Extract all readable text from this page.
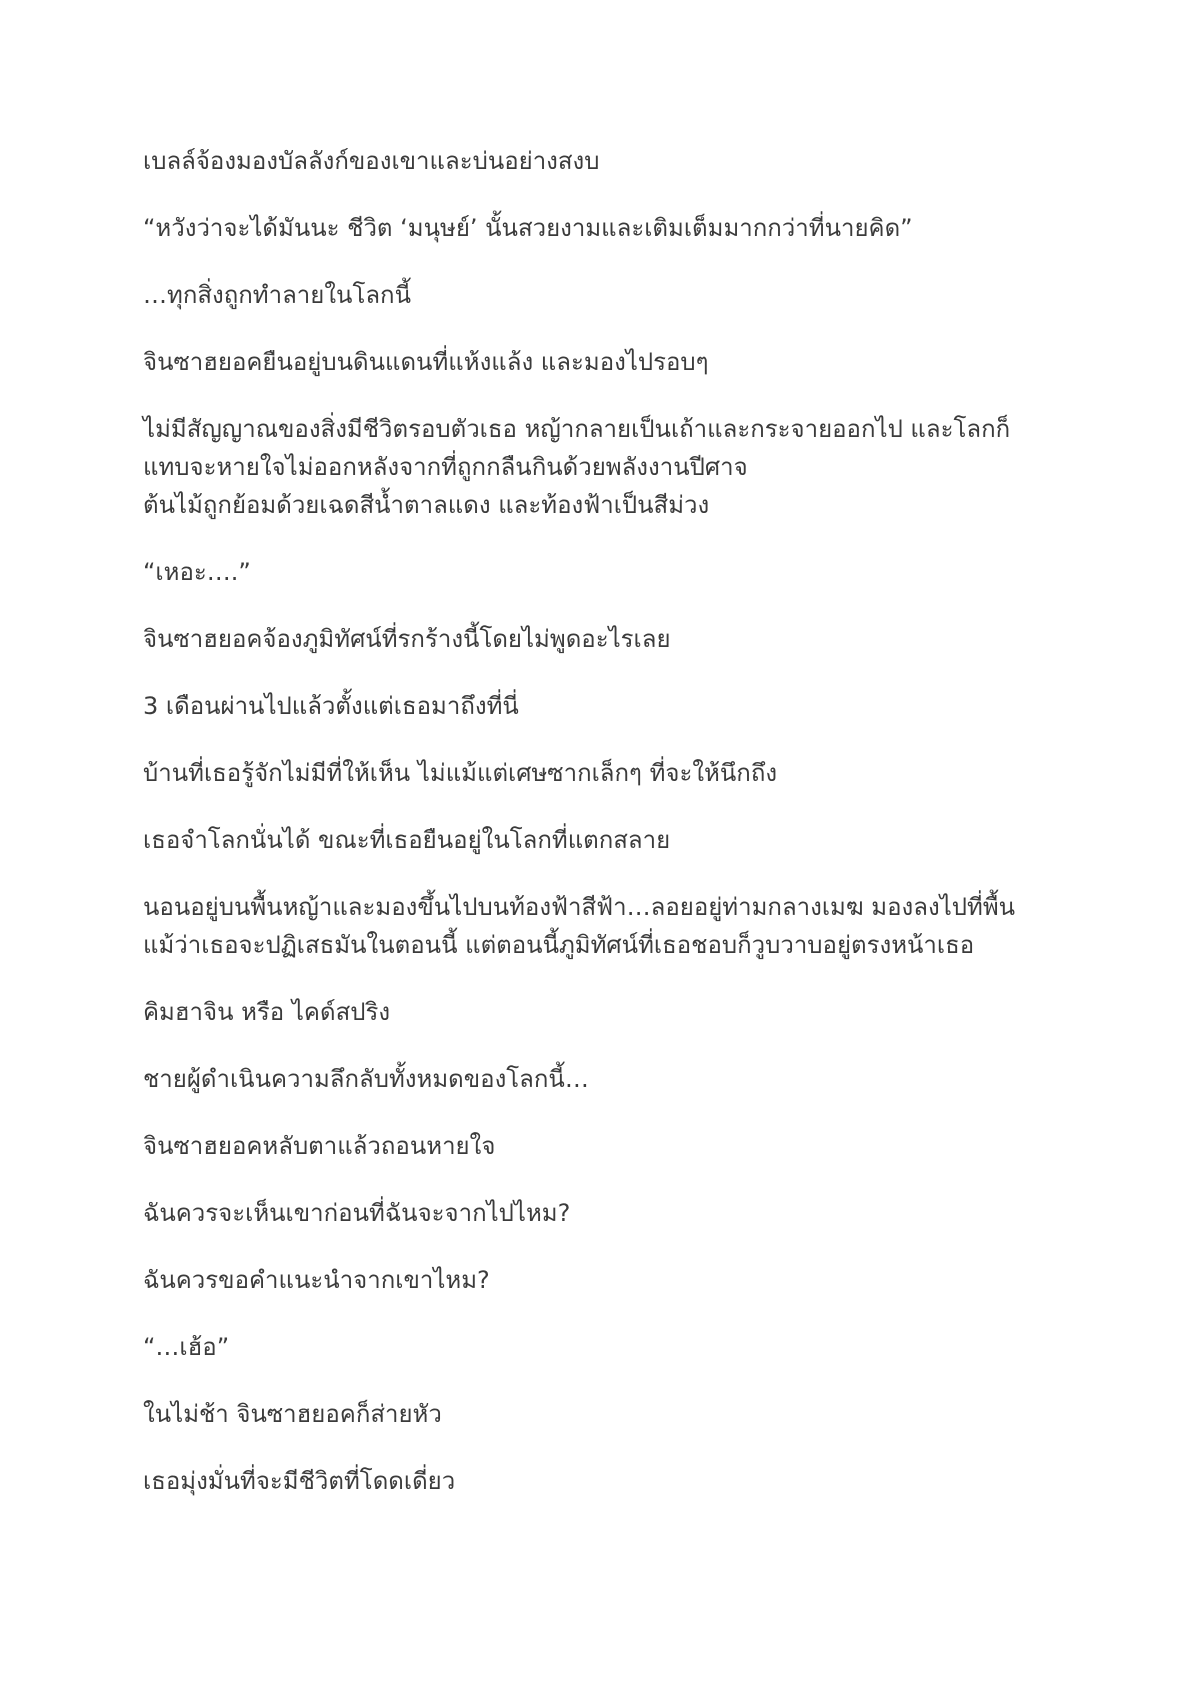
เบลล์จ้องมองบัลลังก์ของเขาและบ่นอย่างสงบ

“หวังว่าจะได้มันนะ ชีวิต ‘มนุษย์’ นั้นสวยงามและเติมเต็มมากกว่าที่นายคิด”

…ทุกสิ่งถูกทำลายในโลกนี้

จินซาฮยอคยืนอยู่บนดินแดนที่แห้งแล้ง และมองไปรอบๆ

ไม่มีสัญญาณของสิ่งมีชีวิตรอบตัวเธอ หญ้ากลายเป็นเถ้าและกระจายออกไป และโลกก็
แทบจะหายใจไม่ออกหลังจากที่ถูกกลืนกินด้วยพลังงานปีศาจ
ต้นไม้ถูกย้อมด้วยเฉดสีน้ำตาลแดง และท้องฟ้าเป็นสีม่วง

“เหอะ….”

จินซาฮยอคจ้องภูมิทัศน์ที่รกร้างนี้โดยไม่พูดอะไรเลย

3 เดือนผ่านไปแล้วตั้งแต่เธอมาถึงที่นี่

บ้านที่เธอรู้จักไม่มีที่ให้เห็น ไม่แม้แต่เศษซากเล็กๆ ที่จะให้นึกถึง

เธอจำโลกนั่นได้ ขณะที่เธอยืนอยู่ในโลกที่แตกสลาย

นอนอยู่บนพื้นหญ้าและมองขึ้นไปบนท้องฟ้าสีฟ้า…ลอยอยู่ท่ามกลางเมฆ มองลงไปที่พื้น
แม้ว่าเธอจะปฏิเสธมันในตอนนี้ แต่ตอนนี้ภูมิทัศน์ที่เธอชอบก็วูบวาบอยู่ตรงหน้าเธอ

คิมฮาจิน หรือ ไคด์สปริง

ชายผู้ดำเนินความลึกลับทั้งหมดของโลกนี้…

จินซาฮยอคหลับตาแล้วถอนหายใจ

ฉันควรจะเห็นเขาก่อนที่ฉันจะจากไปไหม?

ฉันควรขอคำแนะนำจากเขาไหม?

“…เฮ้อ”

ในไม่ช้า จินซาฮยอคก็ส่ายหัว

เธอมุ่งมั่นที่จะมีชีวิตที่โดดเดี่ยว
